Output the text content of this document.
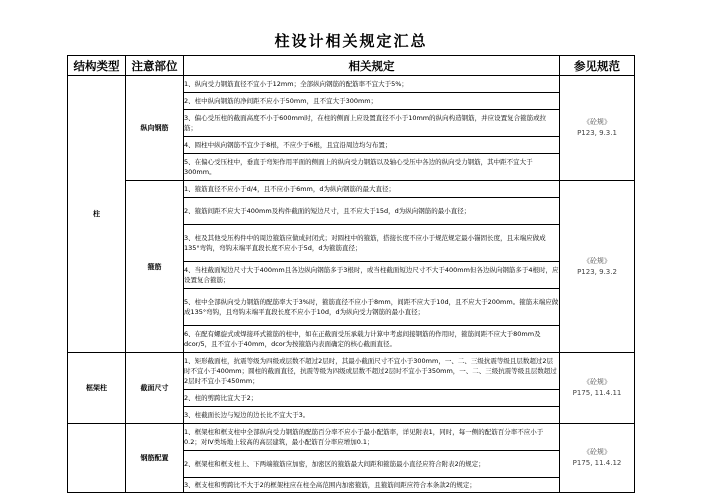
柱设计相关规定汇总
结构类型	注意部位	相关规定	参见规范
柱	纵向钢筋	1、纵向受力钢筋直径不宜小于12mm；全部纵向钢筋的配筋率不宜大于5%；	《砼规》
P123, 9.3.1

		2、柱中纵向钢筋的净间距不应小于50mm，且不宜大于300mm；	
		3、偏心受压柱的截面高度不小于600mm时，在柱的侧面上应设置直径不小于10mm的纵向构造钢筋，并应设置复合箍筋或拉筋；	
		4、圆柱中纵向钢筋不宜少于8根，不应少于6根，且宜沿周边均匀布置；	
		5、在偏心受压柱中，垂直于弯矩作用平面的侧面上的纵向受力钢筋以及轴心受压中各边的纵向受力钢筋，其中距不宜大于300mm。	
	箍筋	1、箍筋直径不应小于d/4，且不应小于6mm，d为纵向钢筋的最大直径；	《砼规》
P123, 9.3.2

		2、箍筋间距不应大于400mm及构件截面的短边尺寸，且不应大于15d，d为纵向钢筋的最小直径；	
		3、柱及其他受压构件中的周边箍筋应做成封闭式；对圆柱中的箍筋，搭接长度不应小于规范规定最小锚固长度，且末端应做成135°弯钩，弯钩末端平直段长度不应小于5d，d为箍筋直径；	
		4、当柱截面短边尺寸大于400mm且各边纵向钢筋多于3根时，或当柱截面短边尺寸不大于400mm但各边纵向钢筋多于4根时，应设置复合箍筋；	
		5、柱中全部纵向受力钢筋的配筋率大于3%时，箍筋直径不应小于8mm，间距不应大于10d，且不应大于200mm。箍筋末端应做成135°弯钩，且弯钩末端平直段长度不应小于10d，d为纵向受力钢筋的最小直径；	
		6、在配有螺旋式或焊接环式箍筋的柱中，如在正截面受压承载力计算中考虑间接钢筋的作用时，箍筋间距不应大于80mm及dcor/5，且不宜小于40mm，dcor为按箍筋内表面确定的核心截面直径。	
框架柱	截面尺寸	1、矩形截面柱，抗震等级为四级或层数不超过2层时，其最小截面尺寸不宜小于300mm，一、二、三级抗震等级且层数超过2层时不宜小于400mm；圆柱的截面直径，抗震等级为四级或层数不超过2层时不宜小于350mm，一、二、三级抗震等级且层数超过2层时不宜小于450mm；	《砼规》
P175, 11.4.11

		2、柱的剪跨比宜大于2；	
		3、柱截面长边与短边的边长比不宜大于3。	
	钢筋配置	1、框架柱和框支柱中全部纵向受力钢筋的配筋百分率不应小于最小配筋率，详见附表1，同时，每一侧的配筋百分率不应小于0.2；对IV类场地上较高的高层建筑，最小配筋百分率应增加0.1；	《砼规》
P175, 11.4.12

		2、框架柱和框支柱上、下两端箍筋应加密，加密区的箍筋最大间距和箍筋最小直径应符合附表2的规定；	
		3、框支柱和剪跨比不大于2的框架柱应在柱全高范围内加密箍筋，且箍筋间距应符合本条款2的规定；	
